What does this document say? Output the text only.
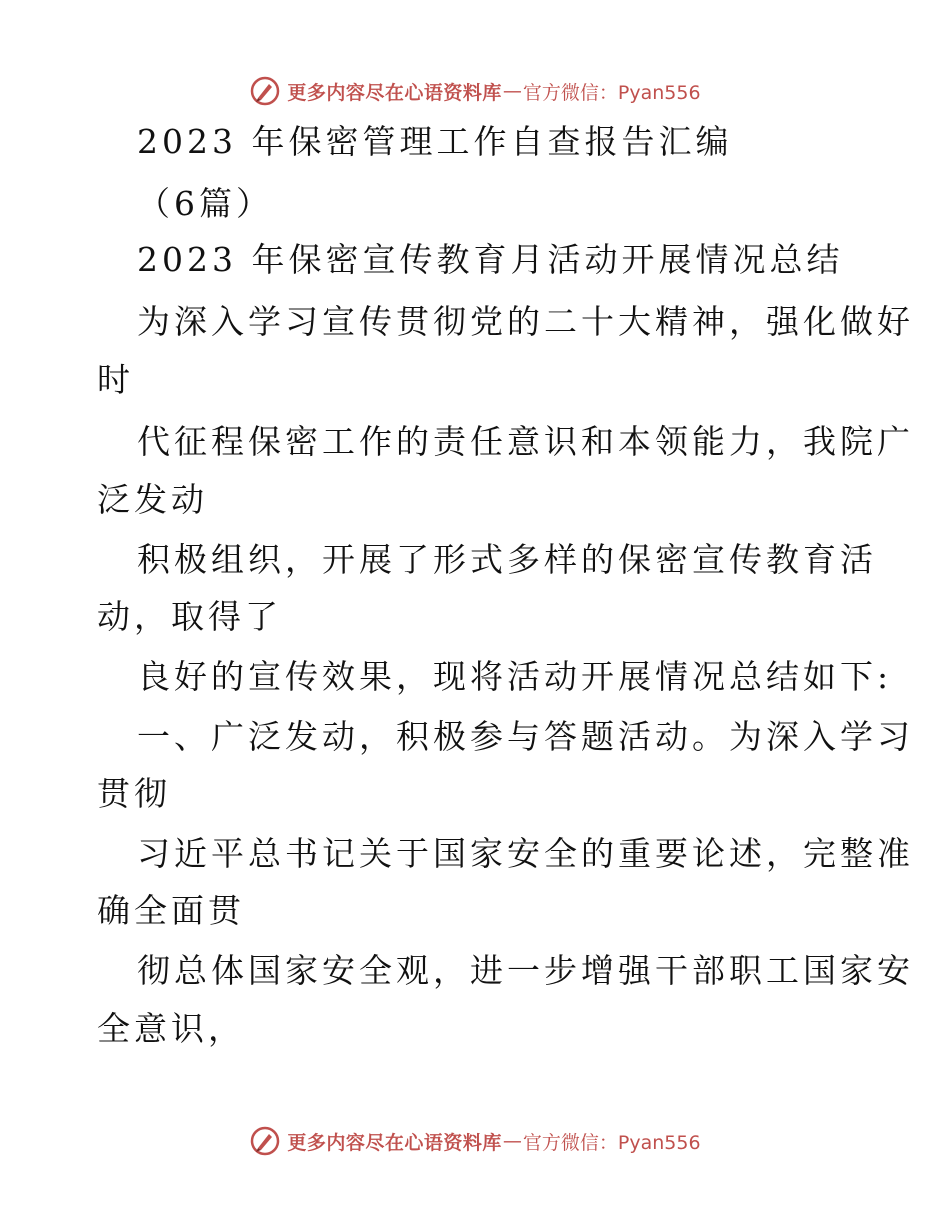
更多内容尽在心语资料库 — 官方微信：Pyan556
2023 年保密管理工作自查报告汇编
（6篇）
2023 年保密宣传教育月活动开展情况总结
为深入学习宣传贯彻党的二十大精神，强化做好
时
代征程保密工作的责任意识和本领能力，我院广
泛发动
积极组织，开展了形式多样的保密宣传教育活
动，取得了
良好的宣传效果，现将活动开展情况总结如下:
一、广泛发动，积极参与答题活动。为深入学习
贯彻
习近平总书记关于国家安全的重要论述，完整准
确全面贯
彻总体国家安全观，进一步增强干部职工国家安
全意识，
更多内容尽在心语资料库 — 官方微信：Pyan556
